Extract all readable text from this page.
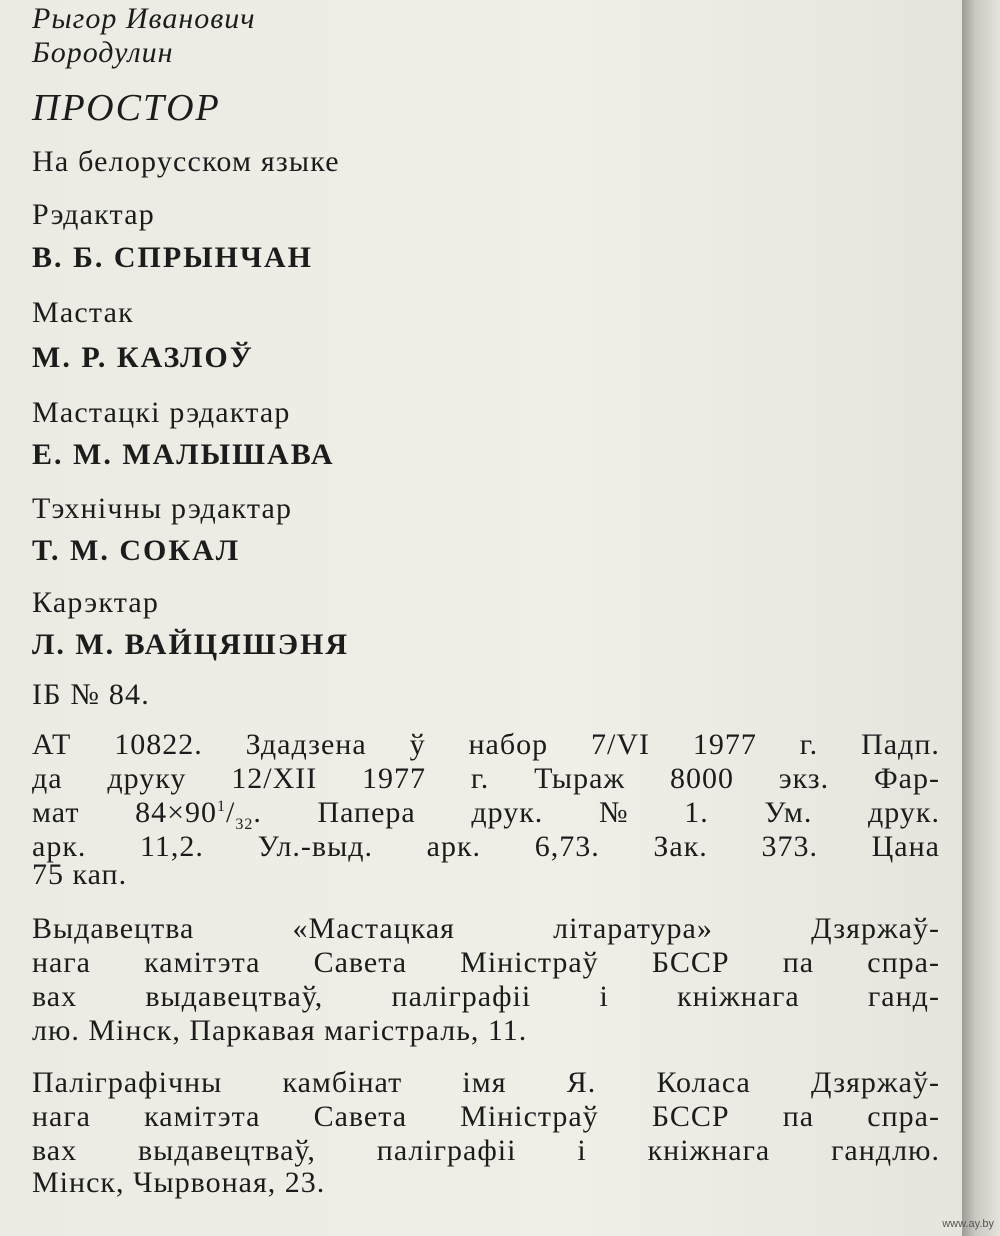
Рыгор Иванович
Бородулин
ПРОСТОР
На белорусском языке
Рэдактар
В. Б. СПРЫНЧАН
Мастак
М. Р. КАЗЛОЎ
Мастацкі рэдактар
Е. М. МАЛЫШАВА
Тэхнічны рэдактар
Т. М. СОКАЛ
Карэктар
Л. М. ВАЙЦЯШЭНЯ
ІБ № 84.
АТ 10822. Здадзена ў набор 7/VI 1977 г. Падп.
да друку 12/XII 1977 г. Тыраж 8000 экз. Фар-
мат $84\times 90^1/_{32}$. Папера друк. № 1. Ум. друк.
арк. 11,2. Ул.-выд. арк. 6,73. Зак. 373. Цана
75 кап.
Выдавецтва	«Мастацкая	літаратура»	Дзяржаў-
нага камітэта Савета Міністраў БССР па спра-
вах выдавецтваў, паліграфіі і кніжнага ганд-
лю. Мінск, Паркавая магістраль, 11.
Паліграфічны камбінат імя Я. Коласа Дзяржаў-
нага камітэта Савета Міністраў БССР па спра-
вах выдавецтваў, паліграфіі і кніжнага гандлю.
Мінск, Чырвоная, 23.
www.ay.by
